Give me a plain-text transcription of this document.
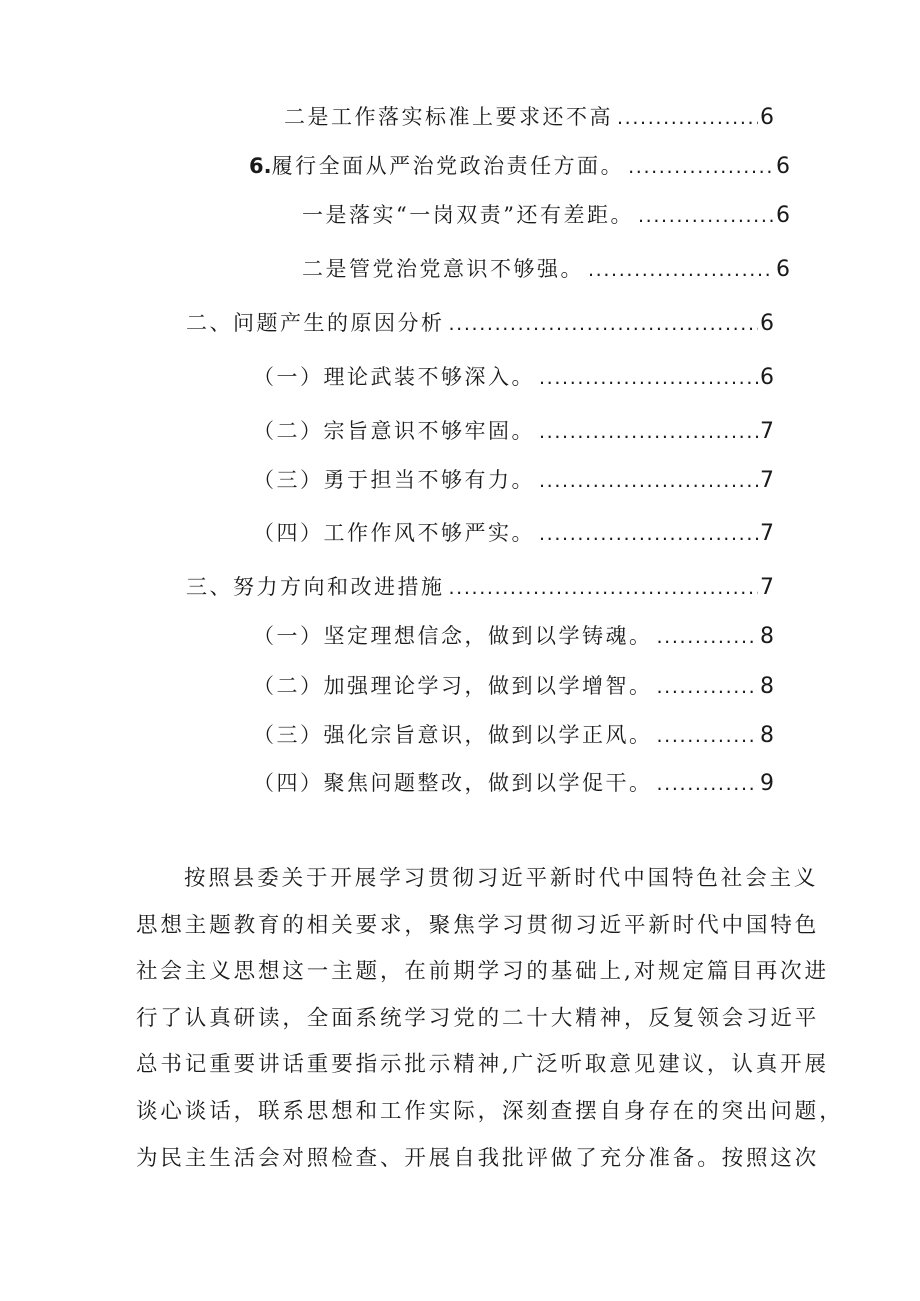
二是工作落实标准上要求还不高 . . .	6
6.履行全面从严治党政治责任方面。 . . .	6
一是落实“一岗双责”还有差距。 . . .	6
二是管党治党意识不够强。 . . .	6
二、问题产生的原因分析 . . .	6
（一）理论武装不够深入。 . . .	6
（二）宗旨意识不够牢固。 . . .	7
（三）勇于担当不够有力。 . . .	7
（四）工作作风不够严实。 . . .	7
三、努力方向和改进措施 . . .	7
（一）坚定理想信念，做到以学铸魂。 . . .	8
（二）加强理论学习，做到以学增智。 . . .	8
（三）强化宗旨意识，做到以学正风。 . . .	8
（四）聚焦问题整改，做到以学促干。 . . .	9
按照县委关于开展学习贯彻习近平新时代中国特色社会主义
思想主题教育的相关要求，聚焦学习贯彻习近平新时代中国特色
社会主义思想这一主题，在前期学习的基础上,对规定篇目再次进
行了认真研读，全面系统学习党的二十大精神，反复领会习近平
总书记重要讲话重要指示批示精神,广泛听取意见建议，认真开展
谈心谈话，联系思想和工作实际，深刻查摆自身存在的突出问题，
为民主生活会对照检查、开展自我批评做了充分准备。按照这次
